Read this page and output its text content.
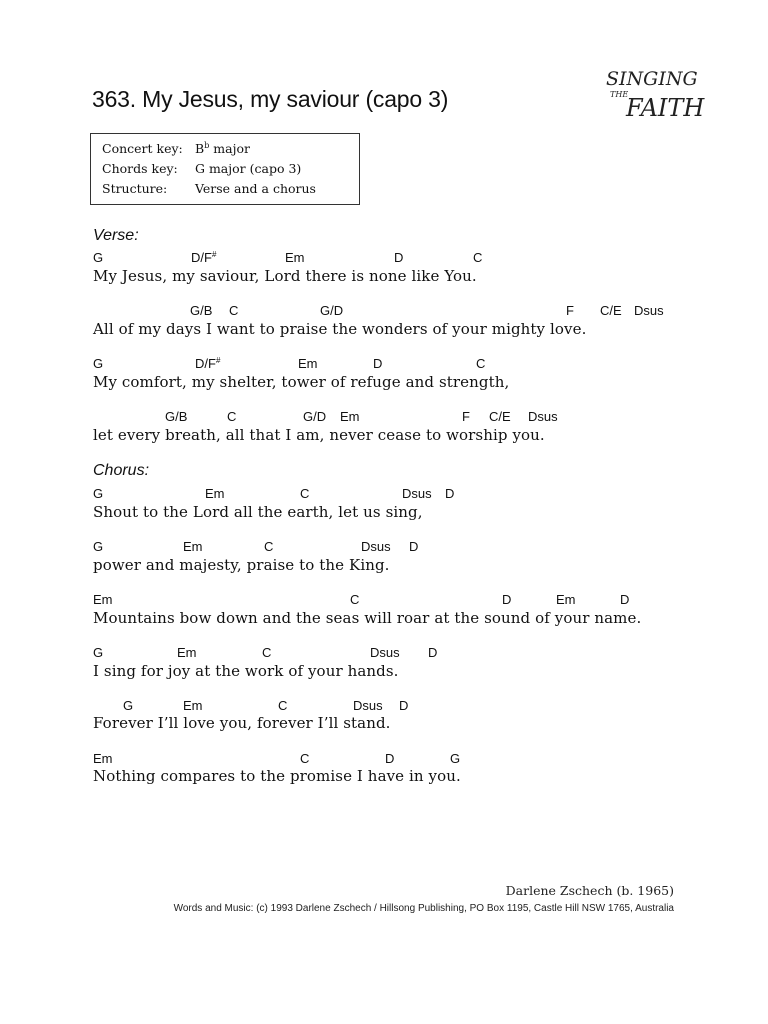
363. My Jesus, my saviour (capo 3)
SINGING
THE
FAITH
Concert key: $B^b$ major
Chords key: G major (capo 3)
Structure: Verse and a chorus
Verse:
G	D/F#	Em	D	C
My Jesus, my saviour, Lord there is none like You.
G/B C	G/D	F C/E Dsus
All of my days I want to praise the wonders of your mighty love.
G	D/F#	Em	D	C
My comfort, my shelter, tower of refuge and strength,
G/B	C	G/D Em	F C/E Dsus
let every breath, all that I am, never cease to worship you.
Chorus:
G	Em	C	Dsus D
Shout to the Lord all the earth, let us sing,
G	Em	C	Dsus D
power and majesty, praise to the King.
Em	C	D	Em	D
Mountains bow down and the seas will roar at the sound of your name.
G	Em	C	Dsus D
I sing for joy at the work of your hands.
G	Em	C	Dsus D
Forever I’ll love you, forever I’ll stand.
Em	C	D	G
Nothing compares to the promise I have in you.
Darlene Zschech (b. 1965)
Words and Music: (c) 1993 Darlene Zschech / Hillsong Publishing, PO Box 1195, Castle Hill NSW 1765, Australia
